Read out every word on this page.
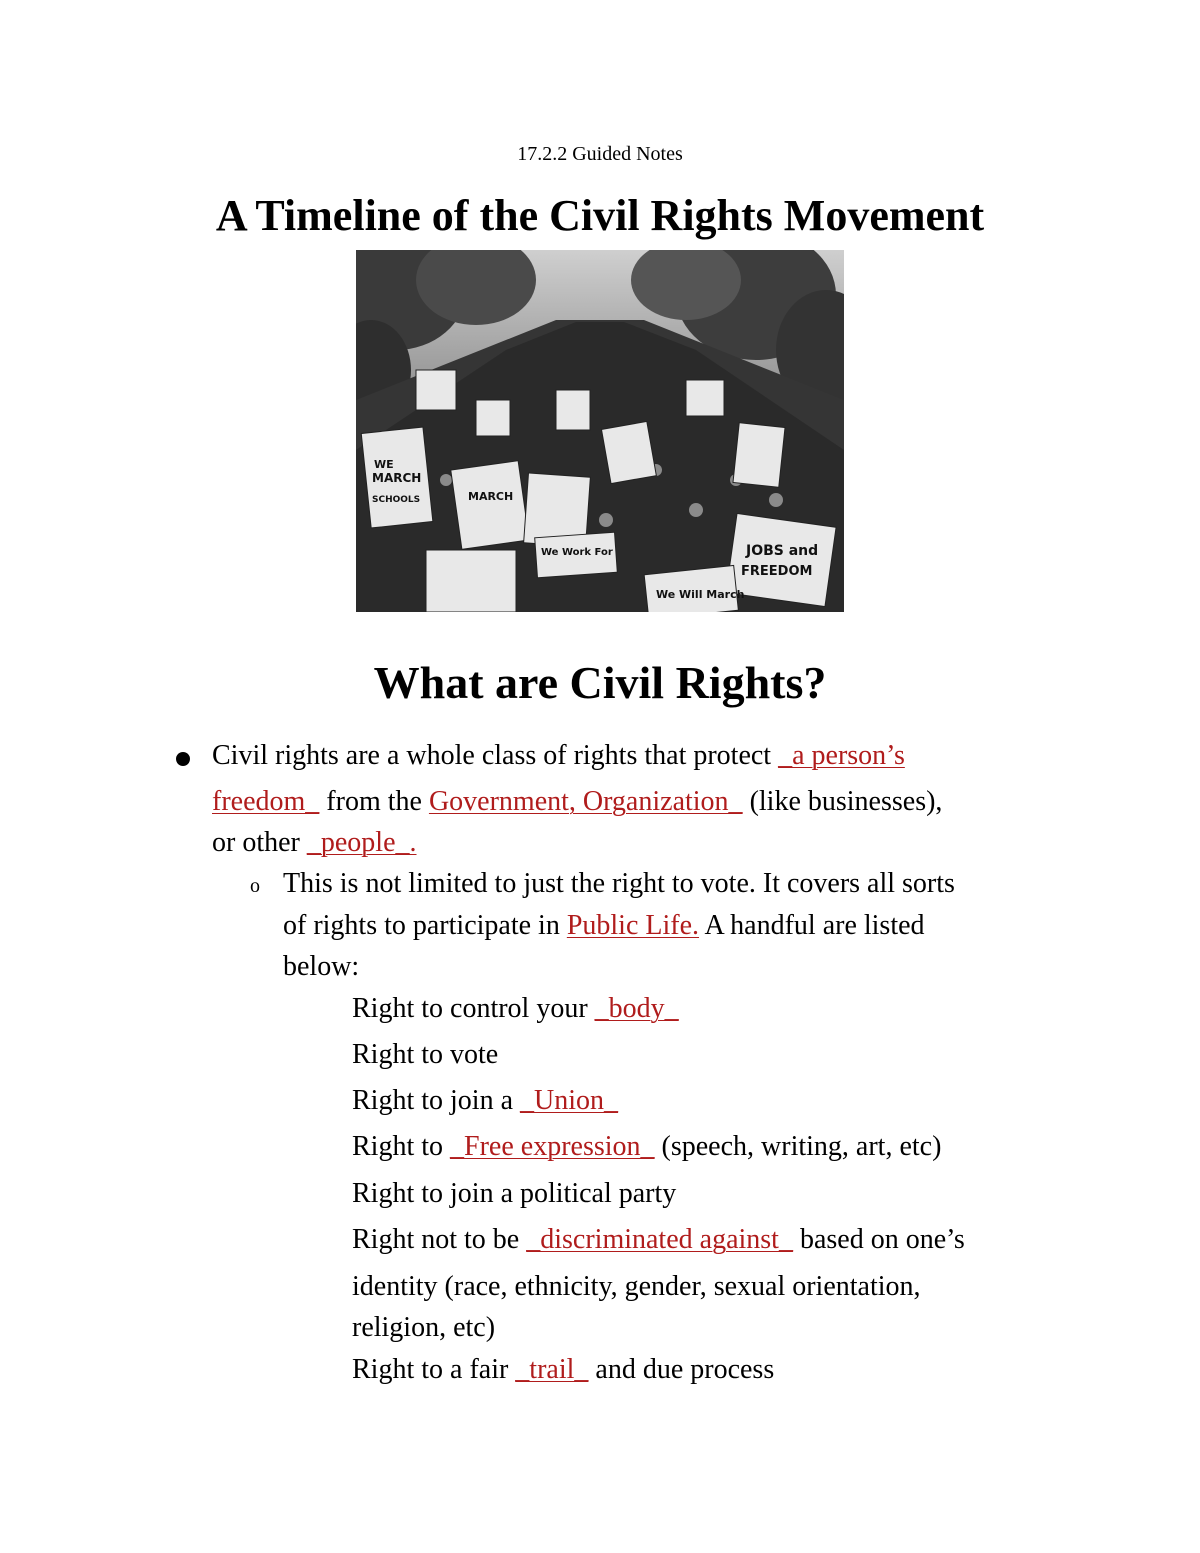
17.2.2 Guided Notes
A Timeline of the Civil Rights Movement
WE
MARCH
SCHOOLS	MARCH
JOBS and
FREEDOM
We Work For
We Will March
What are Civil Rights?
Civil rights are a whole class of rights that protect _a person’s
freedom_ from the Government, Organization_ (like businesses),
or other _people_.
o This is not limited to just the right to vote. It covers all sorts
of rights to participate in Public Life. A handful are listed
below:
Right to control your _body_
Right to vote
Right to join a _Union_
Right to _Free expression_ (speech, writing, art, etc)
Right to join a political party
Right not to be _discriminated against_ based on one’s
identity (race, ethnicity, gender, sexual orientation,
religion, etc)
Right to a fair _trail_ and due process
